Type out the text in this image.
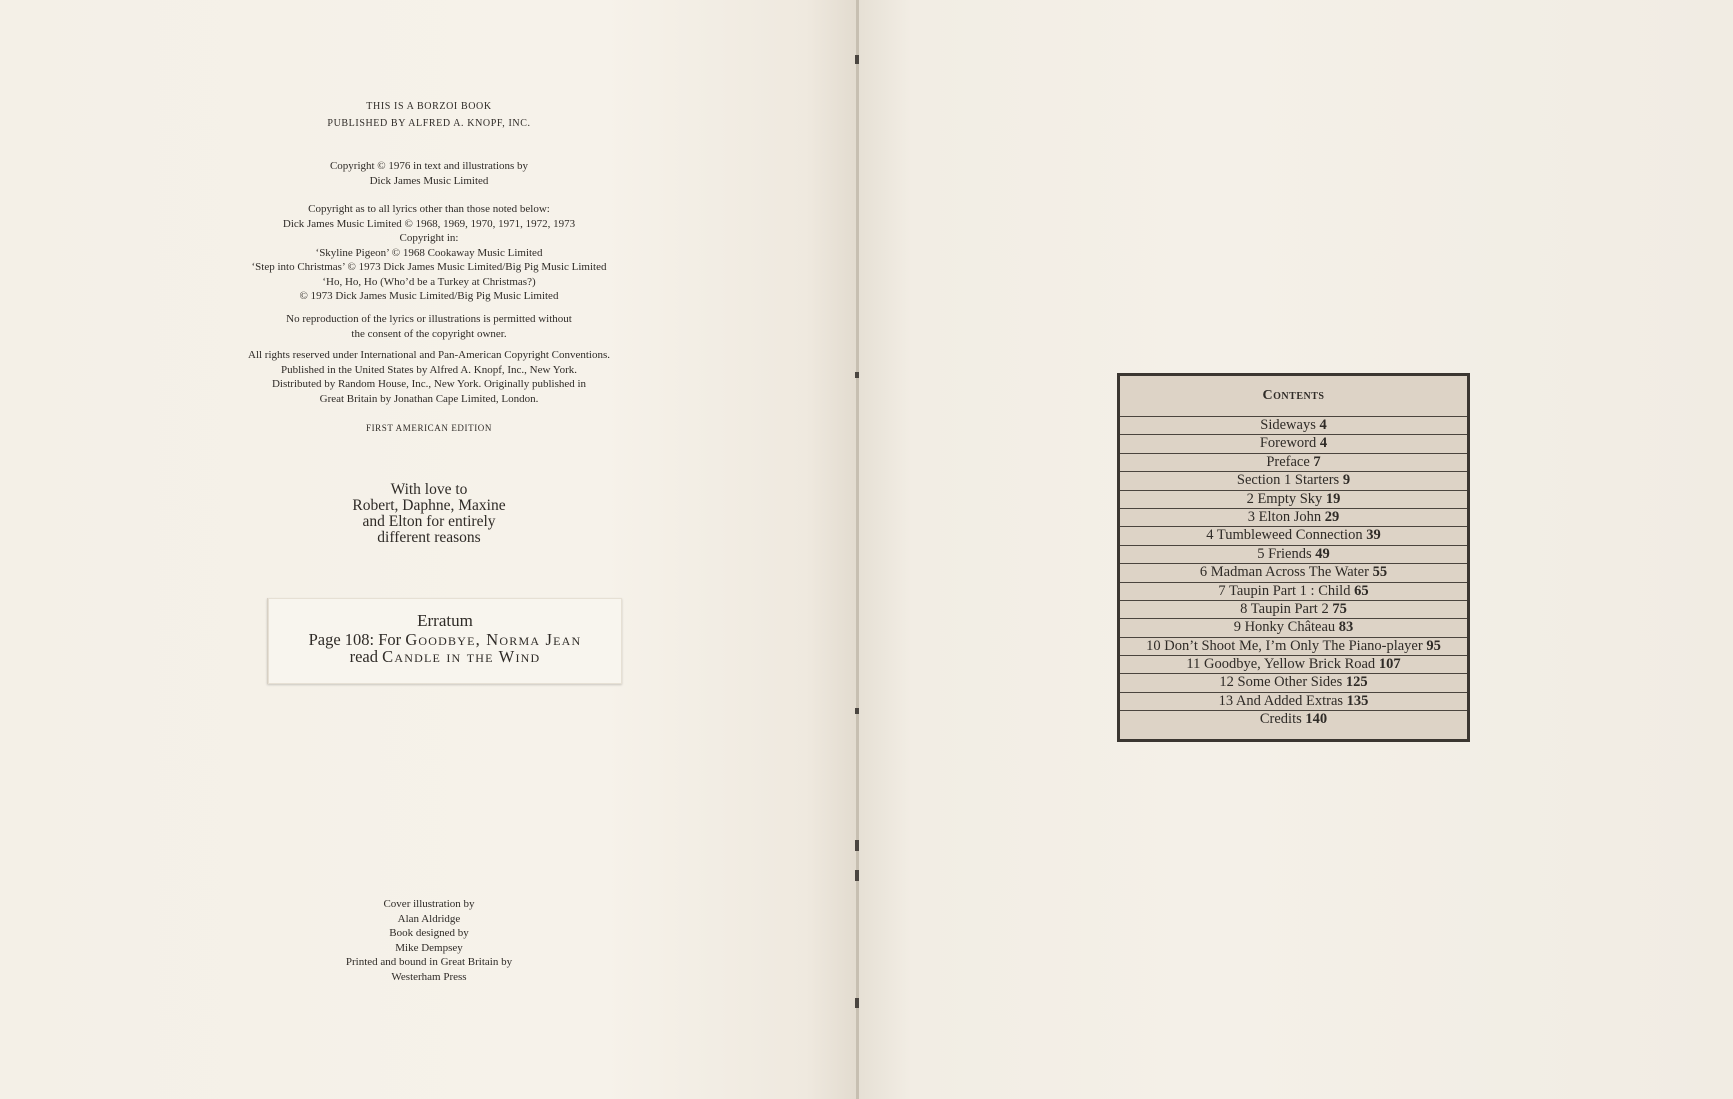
THIS IS A BORZOI BOOK

PUBLISHED BY ALFRED A. KNOPF, INC.

Copyright © 1976 in text and illustrations by

Dick James Music Limited

Copyright as to all lyrics other than those noted below:

Dick James Music Limited © 1968, 1969, 1970, 1971, 1972, 1973

Copyright in:

‘Skyline Pigeon’ © 1968 Cookaway Music Limited

‘Step into Christmas’ © 1973 Dick James Music Limited/Big Pig Music Limited

‘Ho, Ho, Ho (Who’d be a Turkey at Christmas?)

© 1973 Dick James Music Limited/Big Pig Music Limited

No reproduction of the lyrics or illustrations is permitted without

the consent of the copyright owner.

All rights reserved under International and Pan-American Copyright Conventions.

Published in the United States by Alfred A. Knopf, Inc., New York.

Distributed by Random House, Inc., New York. Originally published in

Great Britain by Jonathan Cape Limited, London.

FIRST AMERICAN EDITION

With love to

Robert, Daphne, Maxine

and Elton for entirely

different reasons

Erratum
Page 108: For Goodbye, Norma Jean
read Candle in the Wind

Cover illustration by

Alan Aldridge

Book designed by

Mike Dempsey

Printed and bound in Great Britain by

Westerham Press

Contents
Sideways 4
Foreword 4
Preface 7
Section 1 Starters 9
2 Empty Sky 19
3 Elton John 29
4 Tumbleweed Connection 39
5 Friends 49
6 Madman Across The Water 55
7 Taupin Part 1 : Child 65
8 Taupin Part 2 75
9 Honky Château 83
10 Don’t Shoot Me, I’m Only The Piano-player 95
11 Goodbye, Yellow Brick Road 107
12 Some Other Sides 125
13 And Added Extras 135
Credits 140
